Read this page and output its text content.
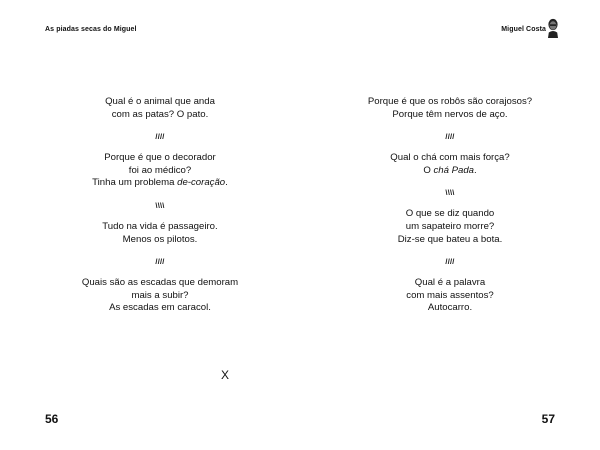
As piadas secas do Miguel

Qual é o animal que anda
com as patas? O pato.

////

Porque é que o decorador
foi ao médico?
Tinha um problema de-coração.

\\\\

Tudo na vida é passageiro.
Menos os pilotos.

////

Quais são as escadas que demoram
mais a subir?
As escadas em caracol.

X
56
Miguel Costa

Porque é que os robôs são corajosos?
Porque têm nervos de aço.

////

Qual o chá com mais força?
O chá Pada.

\\\\

O que se diz quando
um sapateiro morre?
Diz-se que bateu a bota.

////

Qual é a palavra
com mais assentos?
Autocarro.

57
